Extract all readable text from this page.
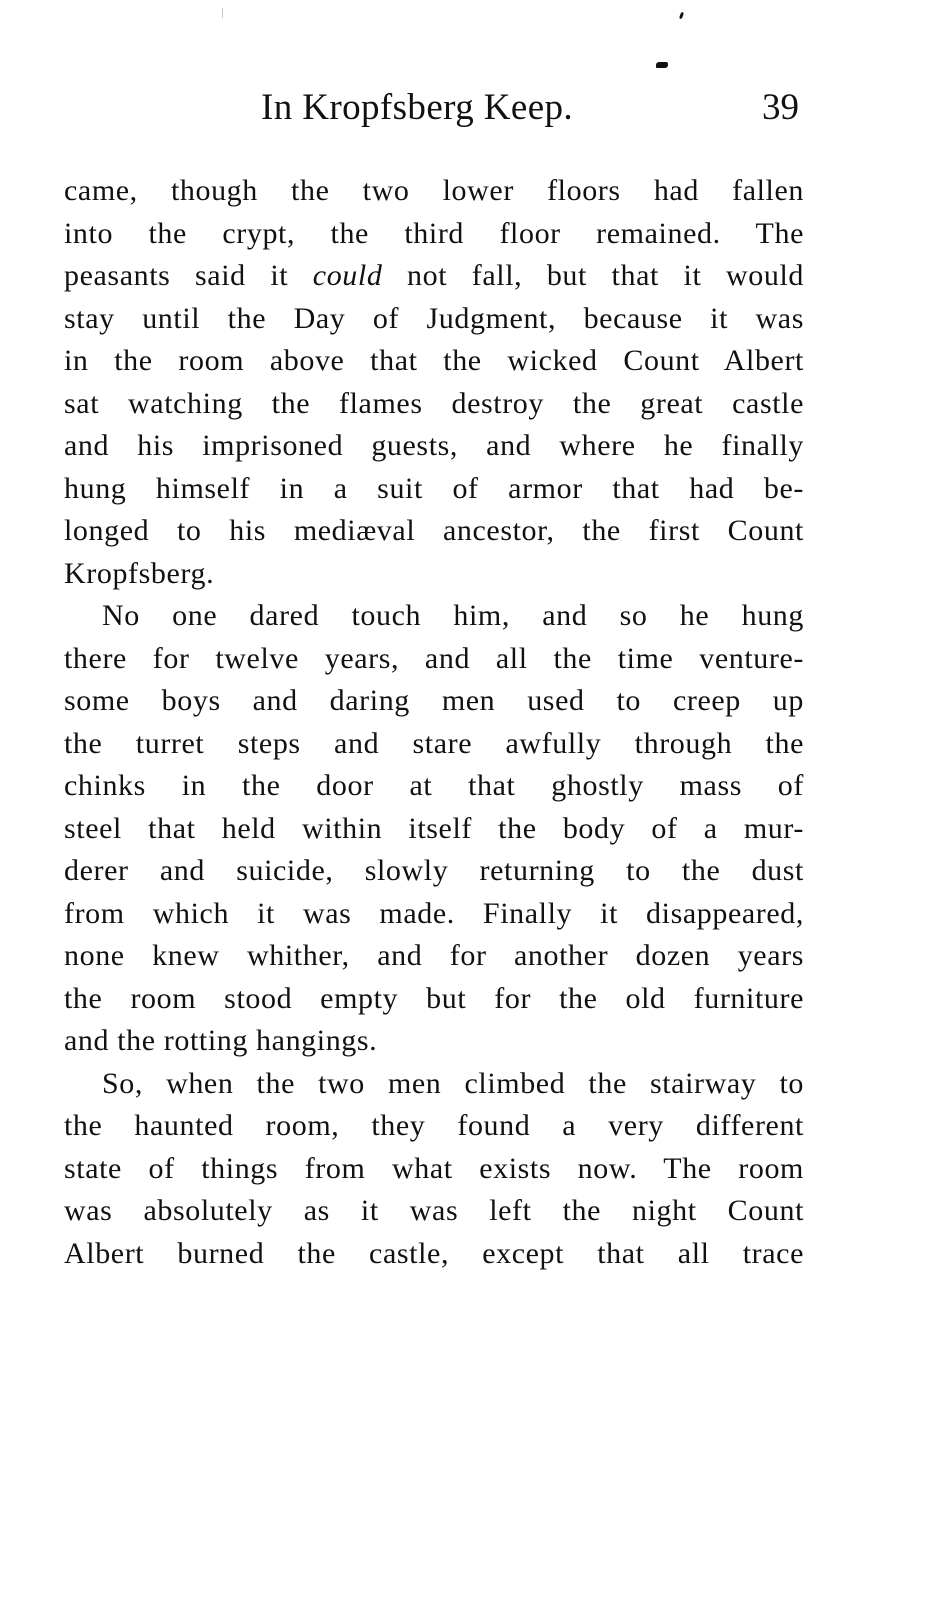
In Kropfsberg Keep.	39
came, though the two lower floors had fallen
into the crypt, the third floor remained. The
peasants said it could not fall, but that it would
stay until the Day of Judgment, because it was
in the room above that the wicked Count Albert
sat watching the flames destroy the great castle
and his imprisoned guests, and where he finally
hung himself in a suit of armor that had be-
longed to his mediæval ancestor, the first Count
Kropfsberg.
No one dared touch him, and so he hung
there for twelve years, and all the time venture-
some boys and daring men used to creep up
the turret steps and stare awfully through the
chinks in the door at that ghostly mass of
steel that held within itself the body of a mur-
derer and suicide, slowly returning to the dust
from which it was made. Finally it disappeared,
none knew whither, and for another dozen years
the room stood empty but for the old furniture
and the rotting hangings.
So, when the two men climbed the stairway to
the haunted room, they found a very different
state of things from what exists now. The room
was absolutely as it was left the night Count
Albert burned the castle, except that all trace
